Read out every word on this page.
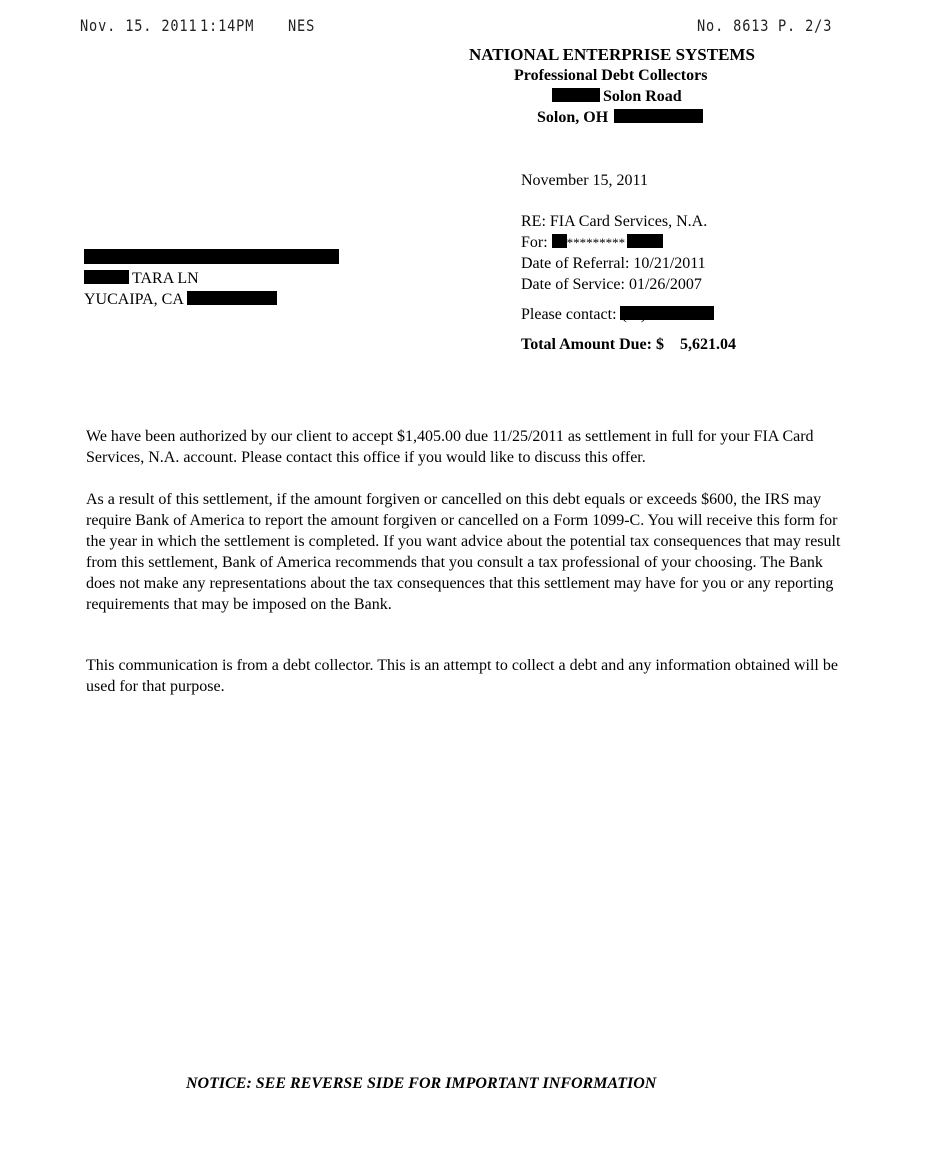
Nov. 15. 2011 1:14PM NES	No. 8613 P. 2/3
NATIONAL ENTERPRISE SYSTEMS
Professional Debt Collectors
Solon Road
Solon, OH
November 15, 2011
RE: FIA Card Services, N.A.
For: *********
Date of Referral: 10/21/2011
Date of Service: 01/26/2007
Please contact:
Total Amount Due: $ 5,621.04
TARA LN
YUCAIPA, CA
We have been authorized by our client to accept $1,405.00 due 11/25/2011 as settlement in full for your FIA Card Services, N.A. account. Please contact this office if you would like to discuss this offer.
As a result of this settlement, if the amount forgiven or cancelled on this debt equals or exceeds $600, the IRS may require Bank of America to report the amount forgiven or cancelled on a Form 1099-C. You will receive this form for the year in which the settlement is completed. If you want advice about the potential tax consequences that may result from this settlement, Bank of America recommends that you consult a tax professional of your choosing. The Bank does not make any representations about the tax consequences that this settlement may have for you or any reporting requirements that may be imposed on the Bank.
This communication is from a debt collector. This is an attempt to collect a debt and any information obtained will be used for that purpose.
NOTICE: SEE REVERSE SIDE FOR IMPORTANT INFORMATION
